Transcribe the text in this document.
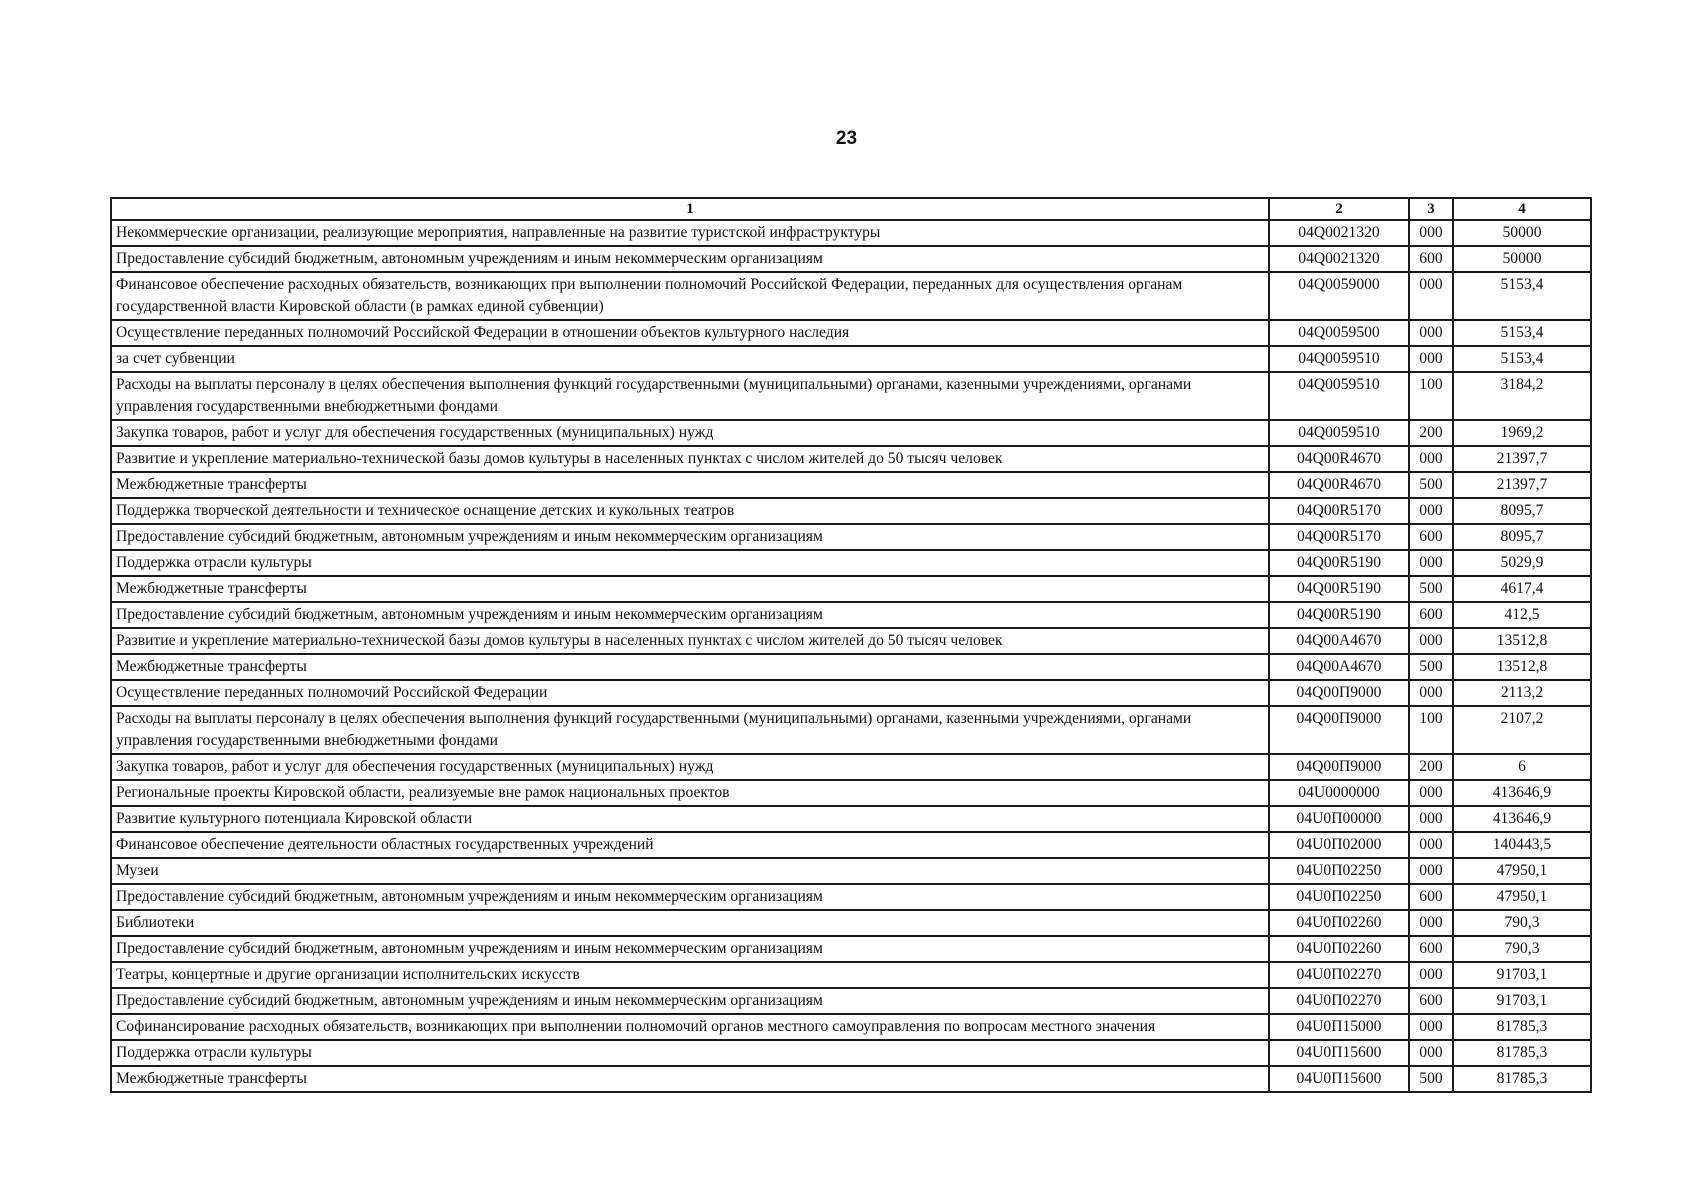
23
1	2	3	4
Некоммерческие организации, реализующие мероприятия, направленные на развитие туристской инфраструктуры	04Q0021320	000	50000
Предоставление субсидий бюджетным, автономным учреждениям и иным некоммерческим организациям	04Q0021320	600	50000
Финансовое обеспечение расходных обязательств, возникающих при выполнении полномочий Российской Федерации, переданных для осуществления органам государственной власти Кировской области (в рамках единой субвенции)	04Q0059000	000	5153,4
Осуществление переданных полномочий Российской Федерации в отношении объектов культурного наследия	04Q0059500	000	5153,4
за счет субвенции	04Q0059510	000	5153,4
Расходы на выплаты персоналу в целях обеспечения выполнения функций государственными (муниципальными) органами, казенными учреждениями, органами управления государственными внебюджетными фондами	04Q0059510	100	3184,2
Закупка товаров, работ и услуг для обеспечения государственных (муниципальных) нужд	04Q0059510	200	1969,2
Развитие и укрепление материально-технической базы домов культуры в населенных пунктах с числом жителей до 50 тысяч человек	04Q00R4670	000	21397,7
Межбюджетные трансферты	04Q00R4670	500	21397,7
Поддержка творческой деятельности и техническое оснащение детских и кукольных театров	04Q00R5170	000	8095,7
Предоставление субсидий бюджетным, автономным учреждениям и иным некоммерческим организациям	04Q00R5170	600	8095,7
Поддержка отрасли культуры	04Q00R5190	000	5029,9
Межбюджетные трансферты	04Q00R5190	500	4617,4
Предоставление субсидий бюджетным, автономным учреждениям и иным некоммерческим организациям	04Q00R5190	600	412,5
Развитие и укрепление материально-технической базы домов культуры в населенных пунктах с числом жителей до 50 тысяч человек	04Q00A4670	000	13512,8
Межбюджетные трансферты	04Q00A4670	500	13512,8
Осуществление переданных полномочий Российской Федерации	04Q00П9000	000	2113,2
Расходы на выплаты персоналу в целях обеспечения выполнения функций государственными (муниципальными) органами, казенными учреждениями, органами управления государственными внебюджетными фондами	04Q00П9000	100	2107,2
Закупка товаров, работ и услуг для обеспечения государственных (муниципальных) нужд	04Q00П9000	200	6
Региональные проекты Кировской области, реализуемые вне рамок национальных проектов	04U0000000	000	413646,9
Развитие культурного потенциала Кировской области	04U0П00000	000	413646,9
Финансовое обеспечение деятельности областных государственных учреждений	04U0П02000	000	140443,5
Музеи	04U0П02250	000	47950,1
Предоставление субсидий бюджетным, автономным учреждениям и иным некоммерческим организациям	04U0П02250	600	47950,1
Библиотеки	04U0П02260	000	790,3
Предоставление субсидий бюджетным, автономным учреждениям и иным некоммерческим организациям	04U0П02260	600	790,3
Театры, концертные и другие организации исполнительских искусств	04U0П02270	000	91703,1
Предоставление субсидий бюджетным, автономным учреждениям и иным некоммерческим организациям	04U0П02270	600	91703,1
Софинансирование расходных обязательств, возникающих при выполнении полномочий органов местного самоуправления по вопросам местного значения	04U0П15000	000	81785,3
Поддержка отрасли культуры	04U0П15600	000	81785,3
Межбюджетные трансферты	04U0П15600	500	81785,3
